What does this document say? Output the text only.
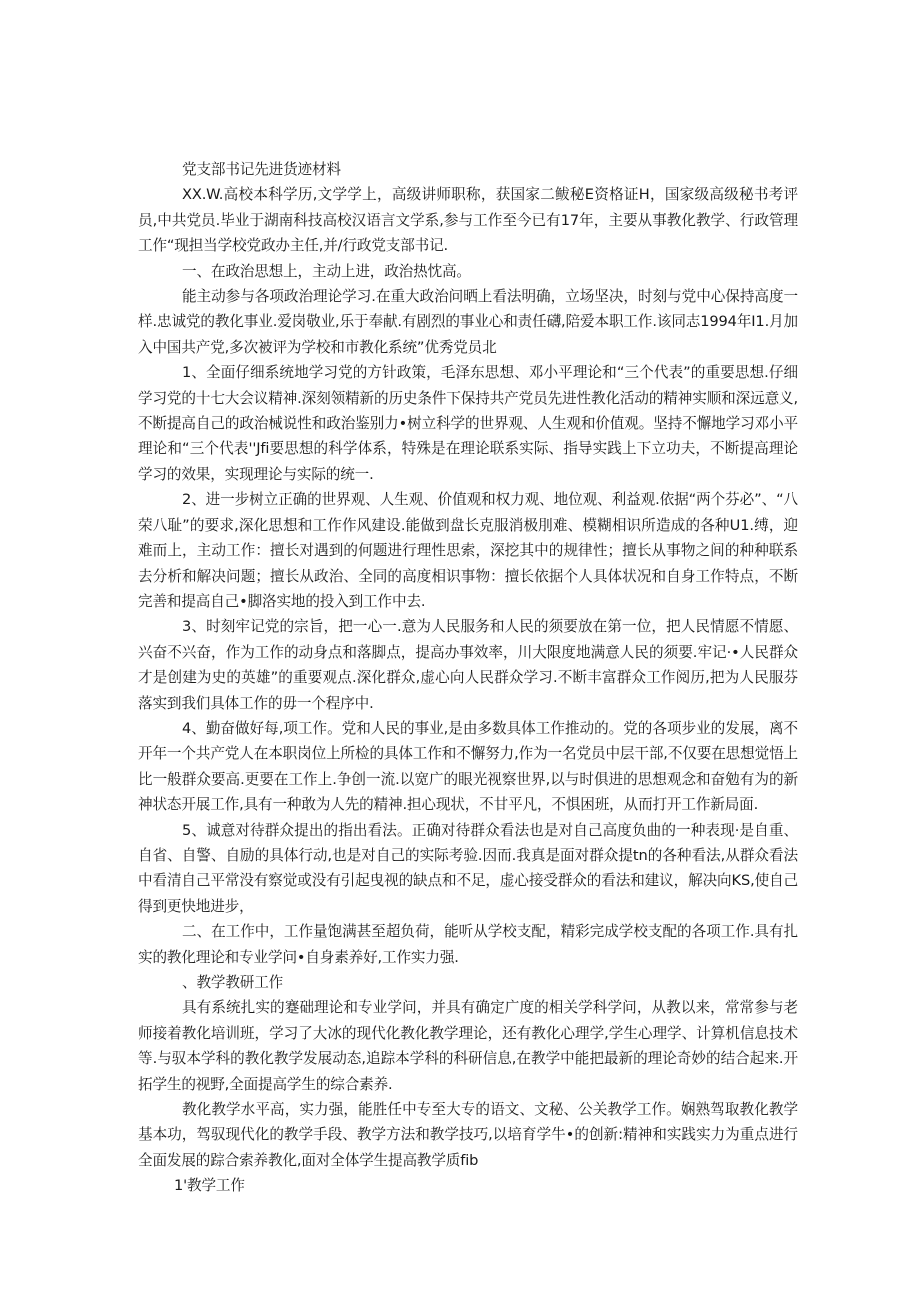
党支部书记先进货迹材料

XX.W.高校本科学历,文学学上，高级讲师职称，获国家二鲅秘E资格证H，国家级高级秘书考评员,中共党员.毕业于湖南科技高校汉语言文学系,参与工作至今已有17年，主要从事教化教学、行政管理工作“现担当学校党政办主任,并/行政党支部书记.

一、在政治思想上，主动上进，政治热忱高。

能主动参与各项政治理论学习.在重大政治问晒上看法明确，立场坚决，时刻与党中心保持高度一样.忠诚党的教化事业.爱岗敬业,乐于奉献.有剧烈的事业心和责任礴,陪爱本职工作.该同志1994年I1.月加入中国共产党,多次被评为学校和市教化系统”优秀党员北

1、全面仔细系统地学习党的方针政策，毛泽东思想、邓小平理论和“三个代表”的重要思想.仔细学习党的十七大会议精神.深刻领精新的历史条件下保持共产党员先进性教化活动的精神实顺和深远意义,不断提高自己的政治械说性和政治鉴别力•树立科学的世界观、人生观和价值观。坚持不懈地学习邓小平理论和“三个代表''Jfi要思想的科学体系，特殊是在理论联系实际、指导实践上下立功夫，不断提高理论学习的效果，实现理论与实际的统一.

2、进一步树立正确的世界观、人生观、价值观和权力观、地位观、利益观.依据“两个芬必”、“八荣八耻”的要求,深化思想和工作作风建设.能做到盘长克服消极刖难、模糊相识所造成的各种U1.缚，迎难而上，主动工作：擅长对遇到的何题进行理性思索，深挖其中的规律性；擅长从事物之间的种种联系去分析和解决问题；擅长从政治、全同的高度相识事物：擅长依据个人具体状况和自身工作特点，不断完善和提高自己•脚洛实地的投入到工作中去.

3、时刻牢记党的宗旨，把一心一.意为人民服务和人民的须要放在第一位，把人民情愿不情愿、兴奋不兴奋，作为工作的动身点和落脚点，提高办事效率，川大限度地满意人民的须要.牢记·•人民群众才是创建为史的英雄”的重要观点.深化群众,虚心向人民群众学习.不断丰富群众工作阅历,把为人民服芬落实到我们具体工作的毋一个程序中.

4、勤奋做好每,项工作。党和人民的事业,是由多数具体工作推动的。党的各项步业的发展，离不开年一个共产党人在本职岗位上所检的具体工作和不懈努力,作为一名党员中层干部,不仅要在思想觉悟上比一般群众要高.更要在工作上.争创一流.以宽广的眼光视察世界,以与时俱进的思想观念和奋勉有为的新神状态开展工作,具有一种敢为人先的精神.担心现状，不甘平凡，不惧困班，从而打开工作新局面.

5、诚意对待群众提出的指出看法。正确对待群众看法也是对自己高度负曲的一种表现·是自重、自省、自警、自励的具体行动,也是对自己的实际考验.因而.我真是面对群众提tn的各种看法,从群众看法中看清自己平常没有察觉或没有引起曳视的缺点和不足，虚心接受群众的看法和建议，解决向KS,使自己得到更快地进步，

二、在工作中，工作量饱满甚至超负荷，能听从学校支配，精彩完成学校支配的各项工作.具有扎实的教化理论和专业学问•自身素养好,工作实力强.

、教学教研工作

具有系统扎实的蹇础理论和专业学问，并具有确定广度的相关学科学问，从教以来，常常参与老师接着教化培训班，学习了大冰的现代化教化教学理论，还有教化心理学,学生心理学、计算机信息技术等.与驭本学科的教化教学发展动态,追踪本学科的科研信息,在教学中能把最新的理论奇妙的结合起来.开拓学生的视野,全面提高学生的综合素养.

教化教学水平高，实力强，能胜任中专至大专的语文、文秘、公关教学工作。娴熟驾取教化教学基本功，驾驭现代化的教学手段、教学方法和教学技巧,以培育学牛•的创新:精神和实践实力为重点进行全面发展的踪合索养教化,面对全体学生提高教学质fib

1'教学工作
